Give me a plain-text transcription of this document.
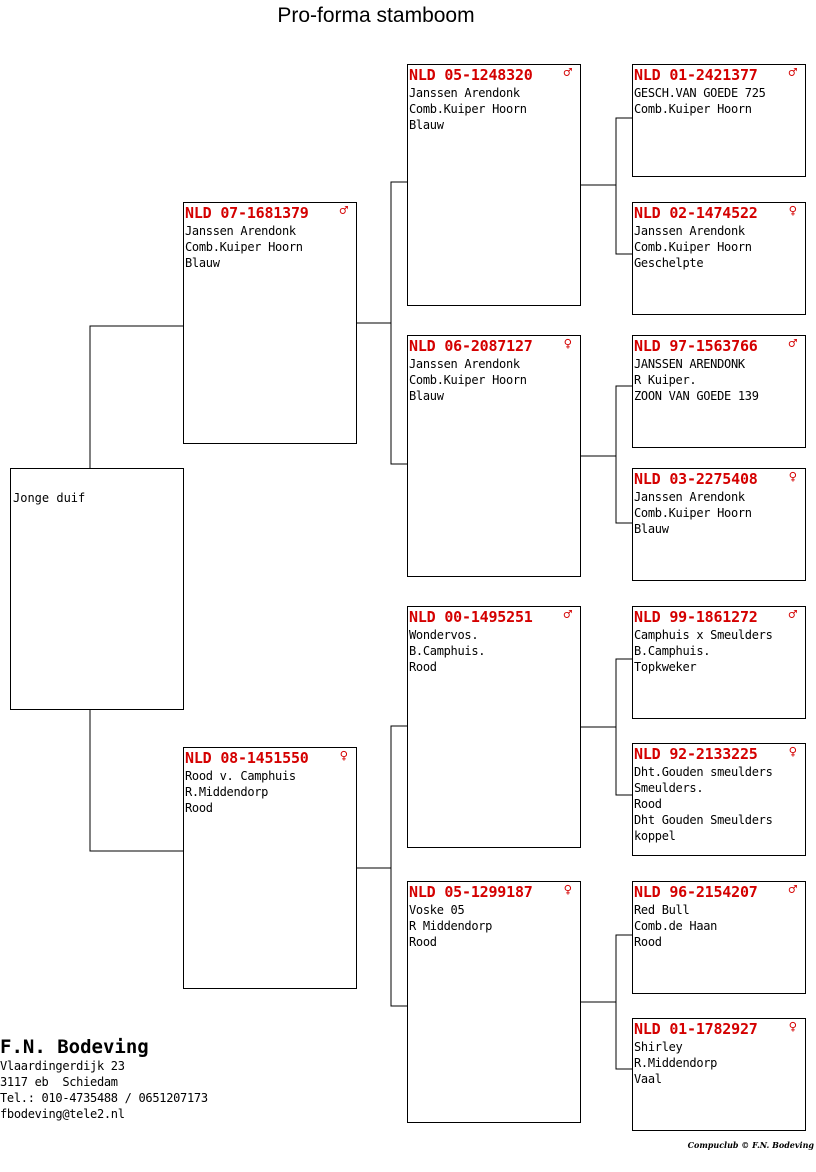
Pro-forma stamboom
Jonge duif
NLD 07-1681379 ♂
Janssen Arendonk
Comb.Kuiper Hoorn
Blauw
NLD 08-1451550 ♀
Rood v. Camphuis
R.Middendorp
Rood
NLD 05-1248320 ♂
Janssen Arendonk
Comb.Kuiper Hoorn
Blauw
NLD 06-2087127 ♀
Janssen Arendonk
Comb.Kuiper Hoorn
Blauw
NLD 00-1495251 ♂
Wondervos.
B.Camphuis.
Rood
NLD 05-1299187 ♀
Voske 05
R Middendorp
Rood
NLD 01-2421377 ♂
GESCH.VAN GOEDE 725
Comb.Kuiper Hoorn
NLD 02-1474522 ♀
Janssen Arendonk
Comb.Kuiper Hoorn
Geschelpte
NLD 97-1563766 ♂
JANSSEN ARENDONK
R Kuiper.
ZOON VAN GOEDE 139
NLD 03-2275408 ♀
Janssen Arendonk
Comb.Kuiper Hoorn
Blauw
NLD 99-1861272 ♂
Camphuis x Smeulders
B.Camphuis.
Topkweker
NLD 92-2133225 ♀
Dht.Gouden smeulders
Smeulders.
Rood
Dht Gouden Smeulders
koppel
NLD 96-2154207 ♂
Red Bull
Comb.de Haan
Rood
NLD 01-1782927 ♀
Shirley
R.Middendorp
Vaal
F.N. Bodeving
Vlaardingerdijk 23
3117 eb  Schiedam
Tel.: 010-4735488 / 0651207173
fbodeving@tele2.nl
Compuclub © F.N. Bodeving
